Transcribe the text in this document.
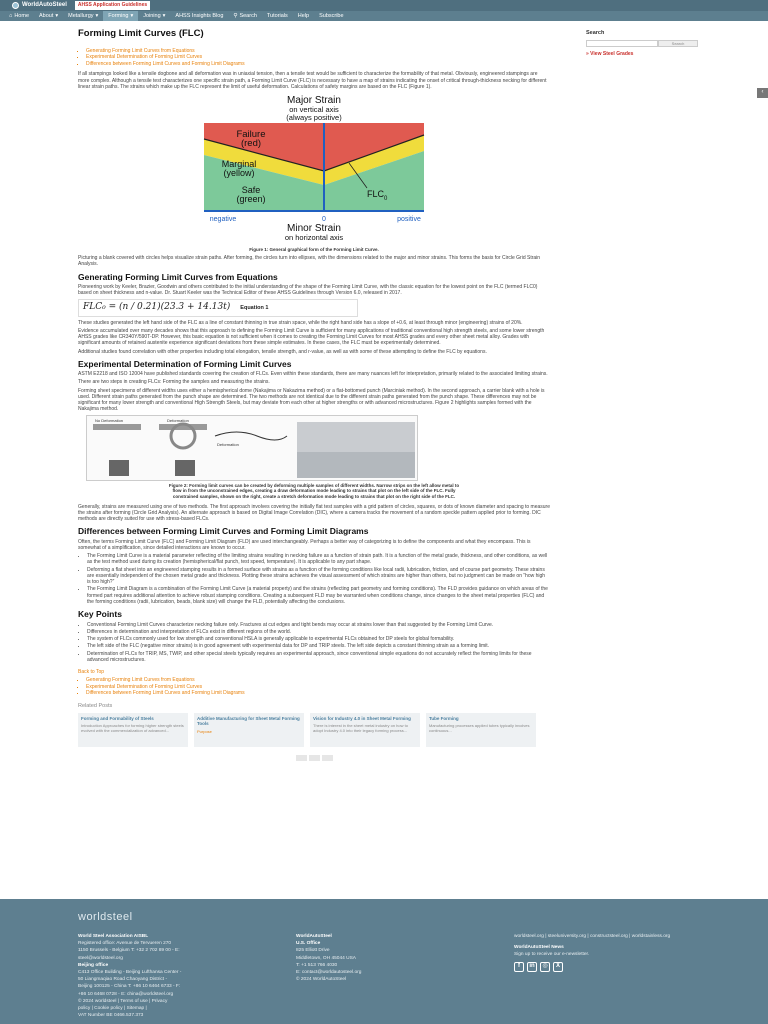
WorldAutoSteel	AHSS Application Guidelines
⌂ Home About ▾ Metallurgy ▾ Forming ▾ Joining ▾ AHSS Insights Blog ⚲ Search Tutorials Help Subscribe
‹
Forming Limit Curves (FLC)
▪ Generating Forming Limit Curves from Equations
▪ Experimental Determination of Forming Limit Curves
▪ Differences between Forming Limit Curves and Forming Limit Diagrams

If all stampings looked like a tensile dogbone and all deformation was in uniaxial tension, then a tensile test would be sufficient to characterize the formability of that metal. Obviously, engineered stampings are more complex. Although a tensile test characterizes one specific strain path, a Forming Limit Curve (FLC) is necessary to have a map of strains indicating the onset of critical through-thickness necking for different linear strain paths. The strains which make up the FLC represent the limit of useful deformation. Calculations of safety margins are based on the FLC (Figure 1).

Major Strain
on vertical axis
(always positive)
Failure
(red)
Marginal
(yellow)
Safe
(green)	FLC 0
negative	0	positive
Minor Strain
on horizontal axis
Figure 1: General graphical form of the Forming Limit Curve.

Picturing a blank covered with circles helps visualize strain paths. After forming, the circles turn into ellipses, with the dimensions related to the major and minor strains. This forms the basis for Circle Grid Strain Analysis.

Generating Forming Limit Curves from Equations

Pioneering work by Keeler, Brazier, Goodwin and others contributed to the initial understanding of the shape of the Forming Limit Curve, with the classic equation for the lowest point on the FLC (termed FLC0) based on sheet thickness and n-value. Dr. Stuart Keeler was the Technical Editor of these AHSS Guidelines through Version 6.0, released in 2017.

FLC₀ = (n / 0.21)(23.3 + 14.13t) Equation 1

These studies generated the left hand side of the FLC as a line of constant thinning in true strain space, while the right hand side has a slope of +0.6, at least through minor (engineering) strains of 20%.

Evidence accumulated over many decades shows that this approach to defining the Forming Limit Curve is sufficient for many applications of traditional conventional high strength steels, and some lower strength AHSS grades like CR340Y/590T-DP. However, this basic equation is not sufficient when it comes to creating the Forming Limit Curves for most AHSS grades and every other sheet metal alloy. Grades with significant amounts of retained austenite experience significant deviations from these simple estimates. In these cases, the FLC must be experimentally determined.

Additional studies found correlation with other properties including total elongation, tensile strength, and r-value, as well as with some of these attempting to define the FLC by equations.

Experimental Determination of Forming Limit Curves

ASTM E2218 and ISO 12004 have published standards covering the creation of FLCs. Even within these standards, there are many nuances left for interpretation, primarily related to the associated limiting strains.

There are two steps in creating FLCs: Forming the samples and measuring the strains.

Forming sheet specimens of different widths uses either a hemispherical dome (Nakajima or Nakazima method) or a flat-bottomed punch (Marciniak method). In the second approach, a carrier blank with a hole is used. Different strain paths generated from the punch shape are determined. The two methods are not identical due to the different strain paths generated from the punch shape. These differences may not be significant for many lower strength and conventional High Strength Steels, but may deviate from each other at higher strengths or with advanced microstructures. Figure 2 highlights samples formed with the Nakajima method.

No Deformation	Deformation
Deformation
Figure 2: Forming limit curves can be created by deforming multiple samples of different widths. Narrow strips on the left allow metal to flow in from the unconstrained edges, creating a draw deformation mode leading to strains that plot on the left side of the FLC. Fully constrained samples, shown on the right, create a stretch deformation mode leading to strains that plot on the right side of the FLC.

Generally, strains are measured using one of two methods. The first approach involves covering the initially flat test samples with a grid pattern of circles, squares, or dots of known diameter and spacing to measure the strains after forming (Circle Grid Analysis). An alternate approach is based on Digital Image Correlation (DIC), where a camera tracks the movement of a random speckle pattern applied prior to forming. DIC methods are directly suited for use with stress-based FLCs.

Differences between Forming Limit Curves and Forming Limit Diagrams

Often, the terms Forming Limit Curve (FLC) and Forming Limit Diagram (FLD) are used interchangeably. Perhaps a better way of categorizing is to define the components and what they encompass. This is somewhat of a simplification, since detailed interactions are known to occur.

• The Forming Limit Curve is a material parameter reflecting of the limiting strains resulting in necking failure as a function of strain path. It is a function of the metal grade, thickness, and other conditions, as well as the test method used during its creation (hemispherical/flat punch, test speed, temperature). It is applicable to any part shape.
• Deforming a flat sheet into an engineered stamping results in a formed surface with strains as a function of the forming conditions like local radii, lubrication, friction, and of course part geometry. These strains are essentially independent of the chosen metal grade and thickness. Plotting these strains achieves the visual assessment of which strains are higher than others, but no judgment can be made on “how high is too high?”
• The Forming Limit Diagram is a combination of the Forming Limit Curve (a material property) and the strains (reflecting part geometry and forming conditions). The FLD provides guidance on which areas of the formed part requires additional attention to achieve robust stamping conditions. Creating a subsequent FLD may be warranted when conditions change, since changes to the sheet metal properties (FLC) and the forming conditions (radii, lubrication, beads, blank size) will change the FLD, potentially affecting the conclusions.
Key Points
• Conventional Forming Limit Curves characterize necking failure only. Fractures at cut edges and tight bends may occur at strains lower than that suggested by the Forming Limit Curve.
• Differences in determination and interpretation of FLCs exist in different regions of the world.
• The system of FLCs commonly used for low strength and conventional HSLA is generally applicable to experimental FLCs obtained for DP steels for global formability.
• The left side of the FLC (negative minor strains) is in good agreement with experimental data for DP and TRIP steels. The left side depicts a constant thinning strain as a forming limit.
• Determination of FLCs for TRIP, MS, TWIP, and other special steels typically requires an experimental approach, since conventional simple equations do not accurately reflect the forming limits for these advanced microstructures.

Back to Top

▪ Generating Forming Limit Curves from Equations
▪ Experimental Determination of Forming Limit Curves
▪ Differences between Forming Limit Curves and Forming Limit Diagrams
Related Posts
Forming and Formability of Steels
Introduction Approaches for forming higher strength steels evolved with the commercialization of advanced...
Additive Manufacturing for Sheet Metal Forming Tools
Purpose
Vision for Industry 4.0 in Sheet Metal Forming
There is interest in the sheet metal industry on how to adopt Industry 4.0 into their legacy forming process...
Tube Forming
Manufacturing processes applied tubes typically involves continuous...
Search
Search
» View Steel Grades
worldsteel
World Steel Association AISBL
Registered office: Avenue de Tervueren 270
1150 Brussels - Belgium T: +32 2 702 89 00 - E:
steel@worldsteel.org
Beijing office
C413 Office Building - Beijing Lufthansa Center -
50 Liangmaqiao Road Chaoyang District -
Beijing 100125 - China T: +86 10 6464 6733 - F:
+86 10 6468 0728 - E: china@worldsteel.org
© 2024 worldsteel | Terms of use | Privacy
policy | Cookie policy | Sitemap |
VAT Number BE 0466.537.373
WorldAutoSteel
U.S. Office
825 Elliott Drive
Middletown, OH 45044 USA
T: +1 513 766 4030
E: contact@worldautosteel.org
© 2024 WorldAutoSteel
worldsteel.org | steeluniversity.org | constructsteel.org | worldstainless.org
WorldAutoSteel News
Sign up to receive our e-newsletter.
f	in	◎	X
